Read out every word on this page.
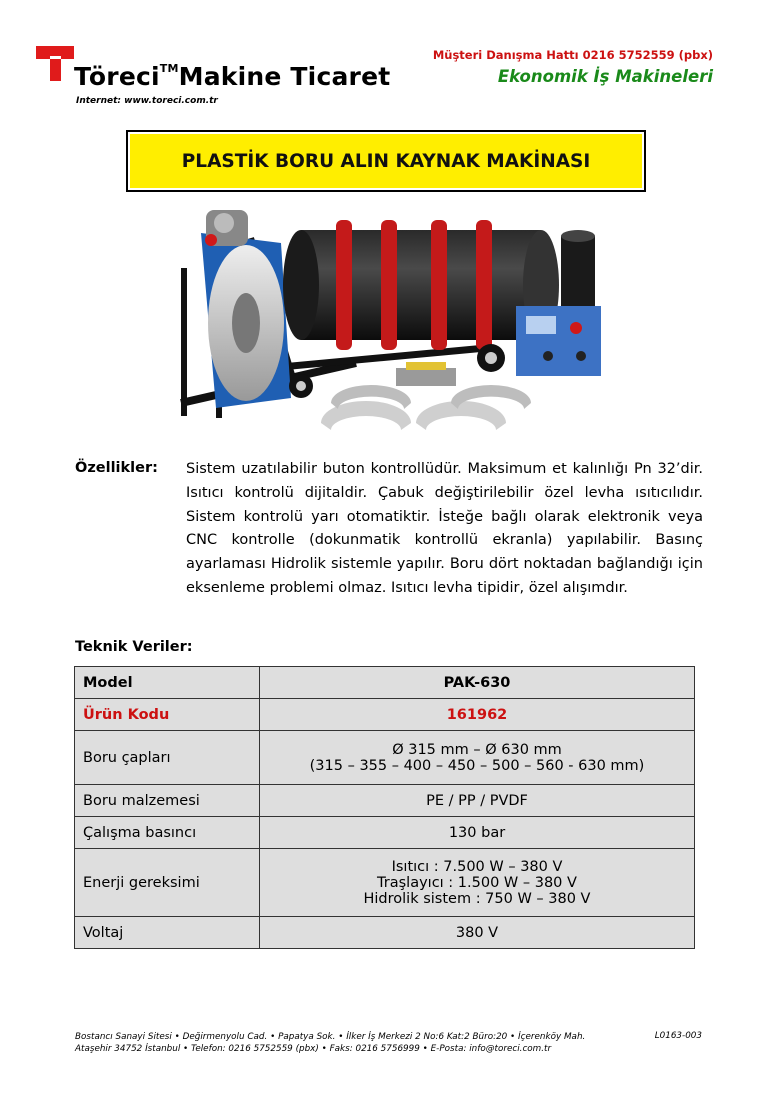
Töreci™Makine Ticaret
Internet: www.toreci.com.tr
Müşteri Danışma Hattı 0216 5752559 (pbx)
Ekonomik İş Makineleri
PLASTİK BORU ALIN KAYNAK MAKİNASI
Özellikler: Sistem uzatılabilir buton kontrollüdür. Maksimum et kalınlığı Pn 32’dir. Isıtıcı kontrolü dijitaldir. Çabuk değiştirilebilir özel levha ısıtıcılıdır. Sistem kontrolü yarı otomatiktir. İsteğe bağlı olarak elektronik veya CNC kontrolle (dokunmatik kontrollü ekranla) yapılabilir. Basınç ayarlaması Hidrolik sistemle yapılır. Boru dört noktadan bağlandığı için eksenleme problemi olmaz. Isıtıcı levha tipidir, özel alışımdır.
Teknik Veriler:
Model	PAK-630

Ürün Kodu	161962

Boru çapları	Ø 315 mm – Ø 630 mm
(315 – 355 – 400 – 450 – 500 – 560 - 630 mm)

Boru malzemesi	PE / PP / PVDF

Çalışma basıncı	130 bar

Enerji gereksimi	Isıtıcı : 7.500 W – 380 V
Traşlayıcı : 1.500 W – 380 V
Hidrolik sistem : 750 W – 380 V

Voltaj	380 V
Bostancı Sanayi Sitesi • Değirmenyolu Cad. • Papatya Sok. • İlker İş Merkezi 2 No:6 Kat:2 Büro:20 • İçerenköy Mah.
Ataşehir 34752 İstanbul • Telefon: 0216 5752559 (pbx) • Faks: 0216 5756999 • E-Posta: info@toreci.com.tr
L0163-003
